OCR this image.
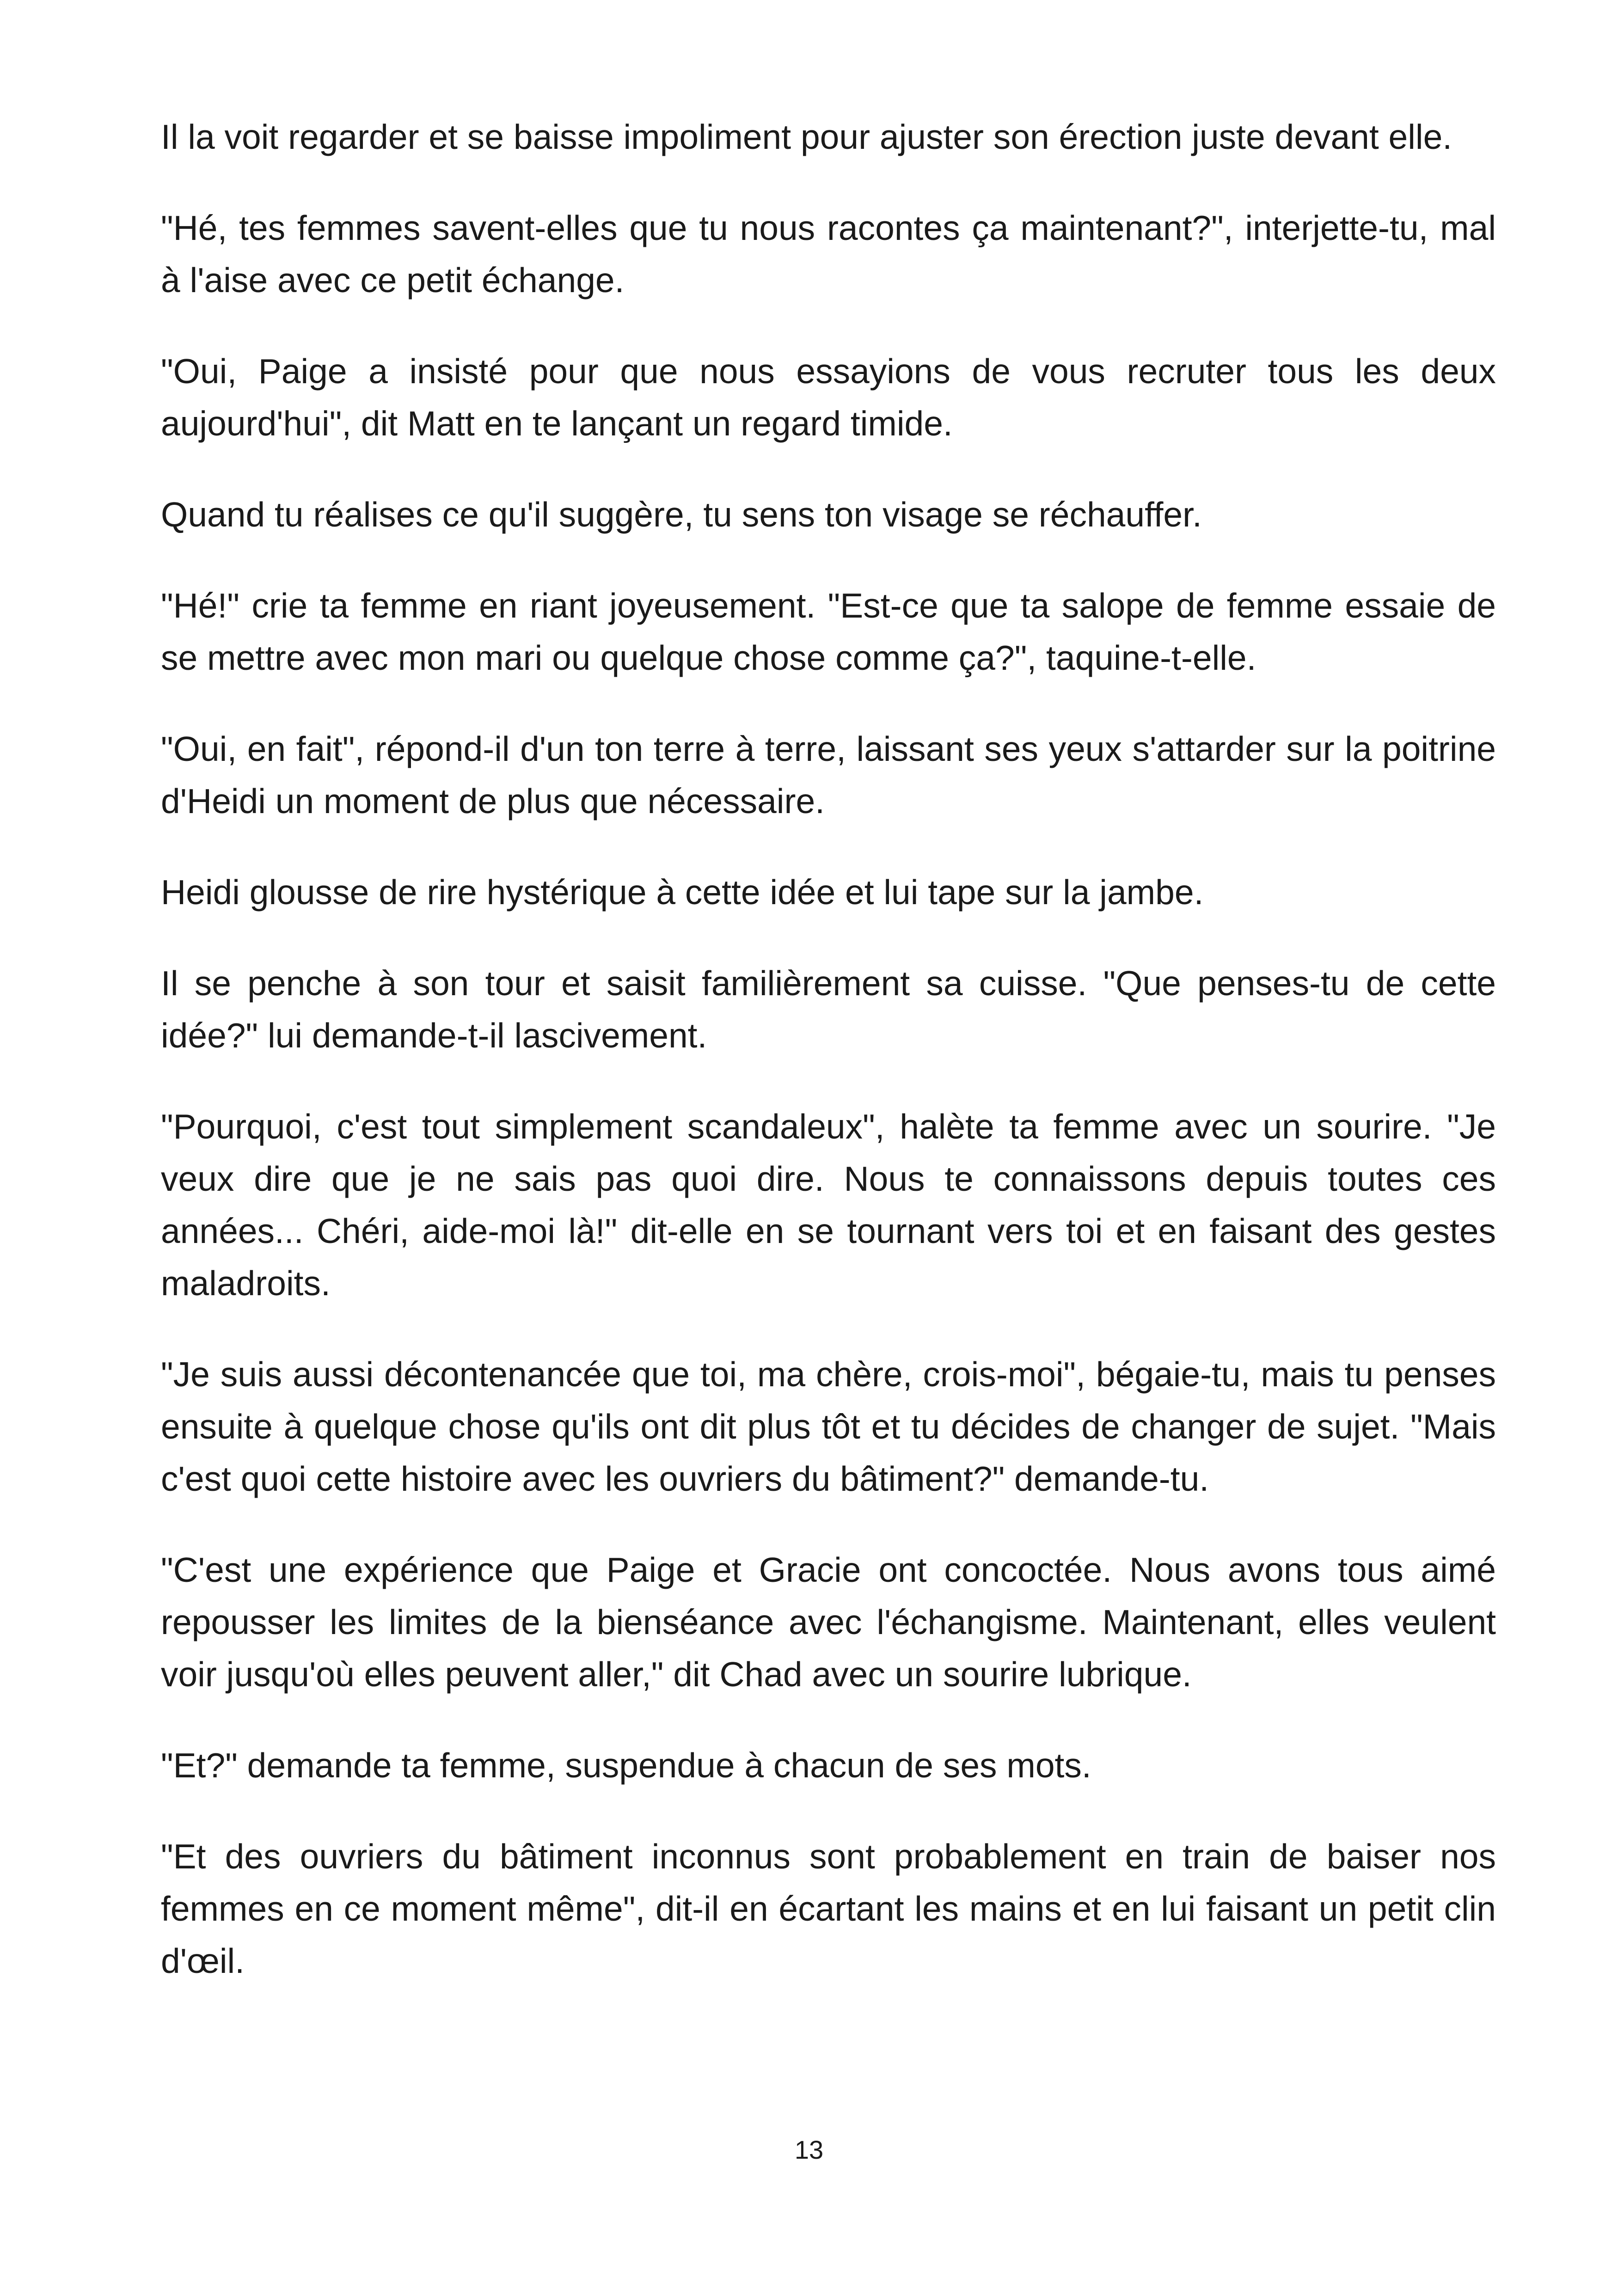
Il la voit regarder et se baisse impoliment pour ajuster son érection juste devant elle.

"Hé, tes femmes savent-elles que tu nous racontes ça maintenant?", interjette-tu, mal à l'aise avec ce petit échange.

"Oui, Paige a insisté pour que nous essayions de vous recruter tous les deux aujourd'hui", dit Matt en te lançant un regard timide.

Quand tu réalises ce qu'il suggère, tu sens ton visage se réchauffer.

"Hé!" crie ta femme en riant joyeusement. "Est-ce que ta salope de femme essaie de se mettre avec mon mari ou quelque chose comme ça?", taquine-t-elle.

"Oui, en fait", répond-il d'un ton terre à terre, laissant ses yeux s'attarder sur la poitrine d'Heidi un moment de plus que nécessaire.

Heidi glousse de rire hystérique à cette idée et lui tape sur la jambe.

Il se penche à son tour et saisit familièrement sa cuisse. "Que penses-tu de cette idée?" lui demande-t-il lascivement.

"Pourquoi, c'est tout simplement scandaleux", halète ta femme avec un sourire. "Je veux dire que je ne sais pas quoi dire. Nous te connaissons depuis toutes ces années... Chéri, aide-moi là!" dit-elle en se tournant vers toi et en faisant des gestes maladroits.

"Je suis aussi décontenancée que toi, ma chère, crois-moi", bégaie-tu, mais tu penses ensuite à quelque chose qu'ils ont dit plus tôt et tu décides de changer de sujet. "Mais c'est quoi cette histoire avec les ouvriers du bâtiment?" demande-tu.

"C'est une expérience que Paige et Gracie ont concoctée. Nous avons tous aimé repousser les limites de la bienséance avec l'échangisme. Maintenant, elles veulent voir jusqu'où elles peuvent aller," dit Chad avec un sourire lubrique.

"Et?" demande ta femme, suspendue à chacun de ses mots.

"Et des ouvriers du bâtiment inconnus sont probablement en train de baiser nos femmes en ce moment même", dit-il en écartant les mains et en lui faisant un petit clin d'œil.

13
